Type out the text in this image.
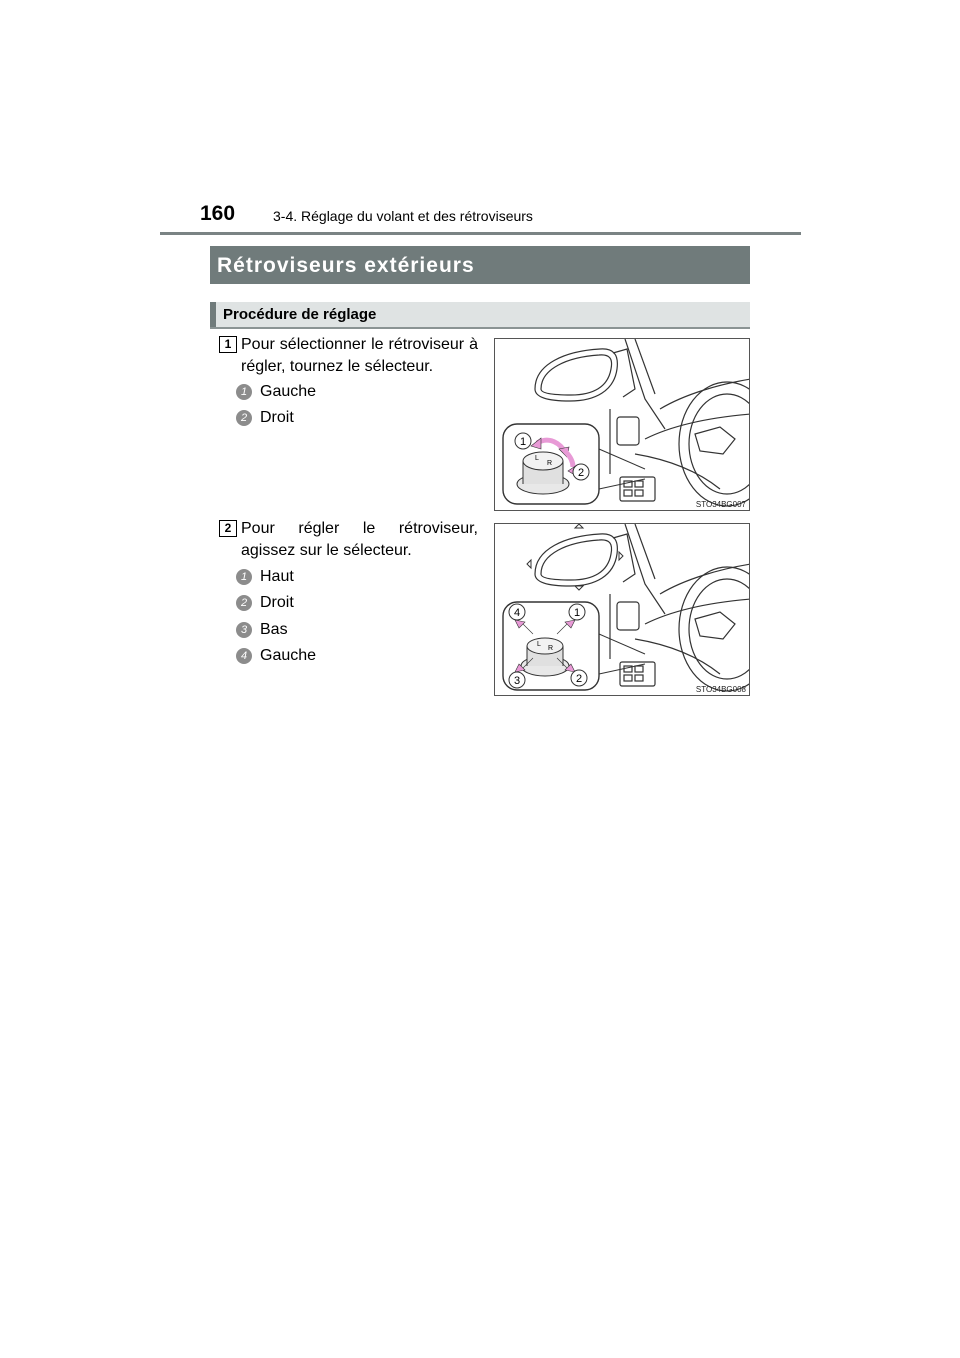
160	3-4. Réglage du volant et des rétroviseurs
Rétroviseurs extérieurs
Procédure de réglage
1 Pour sélectionner le rétroviseur à régler, tournez le sélecteur.
1 Gauche
2 Droit
L
R
1
2
STO34BG007
2 Pour régler le rétroviseur, agissez sur le sélecteur.
1 Haut
2 Droit
3 Bas
4 Gauche
L
R
4	1
3	2
STO34BG008
